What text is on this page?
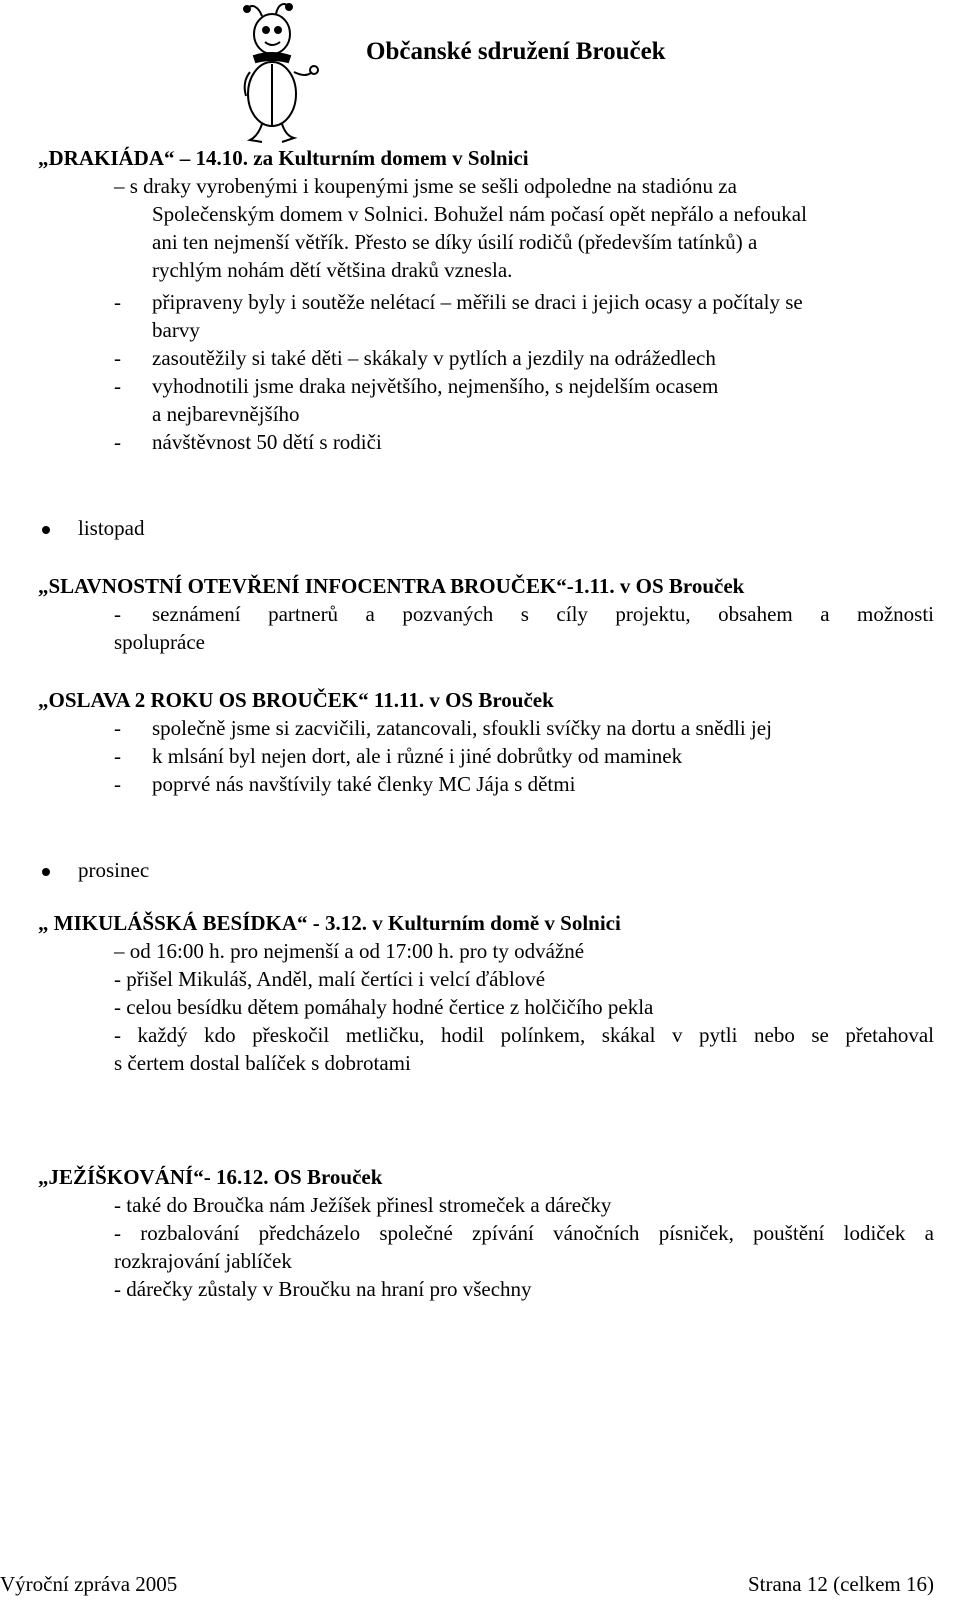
Občanské sdružení Brouček
„DRAKIÁDA“ – 14.10. za Kulturním domem v Solnici
– s draky vyrobenými i koupenými jsme se sešli odpoledne na stadiónu za
Společenským domem v Solnici. Bohužel nám počasí opět nepřálo a nefoukal
ani ten nejmenší větřík. Přesto se díky úsilí rodičů (především tatínků) a
rychlým nohám dětí většina draků vznesla.
- připraveny byly i soutěže nelétací – měřili se draci i jejich ocasy a počítaly se
barvy
- zasoutěžily si také děti – skákaly v pytlích a jezdily na odrážedlech
- vyhodnotili jsme draka největšího, nejmenšího, s nejdelším ocasem
a nejbarevnějšího
- návštěvnost 50 dětí s rodiči
listopad
„SLAVNOSTNÍ OTEVŘENÍ INFOCENTRA BROUČEK“-1.11. v OS Brouček
- seznámení partnerů a pozvaných s cíly projektu, obsahem a možnosti
spolupráce
„OSLAVA 2 ROKU OS BROUČEK“ 11.11. v OS Brouček
- společně jsme si zacvičili, zatancovali, sfoukli svíčky na dortu a snědli jej
- k mlsání byl nejen dort, ale i různé i jiné dobrůtky od maminek
- poprvé nás navštívily také členky MC Jája s dětmi
prosinec
„ MIKULÁŠSKÁ BESÍDKA“ - 3.12. v Kulturním domě v Solnici
– od 16:00 h. pro nejmenší a od 17:00 h. pro ty odvážné
- přišel Mikuláš, Anděl, malí čertíci i velcí ďáblové
- celou besídku dětem pomáhaly hodné čertice z holčičího pekla
- každý kdo přeskočil metličku, hodil polínkem, skákal v pytli nebo se přetahoval
s čertem dostal balíček s dobrotami
„JEŽÍŠKOVÁNÍ“- 16.12. OS Brouček
- také do Broučka nám Ježíšek přinesl stromeček a dárečky
- rozbalování předcházelo společné zpívání vánočních písniček, pouštění lodiček a
rozkrajování jablíček
- dárečky zůstaly v Broučku na hraní pro všechny
Výroční zpráva 2005	Strana 12 (celkem 16)
